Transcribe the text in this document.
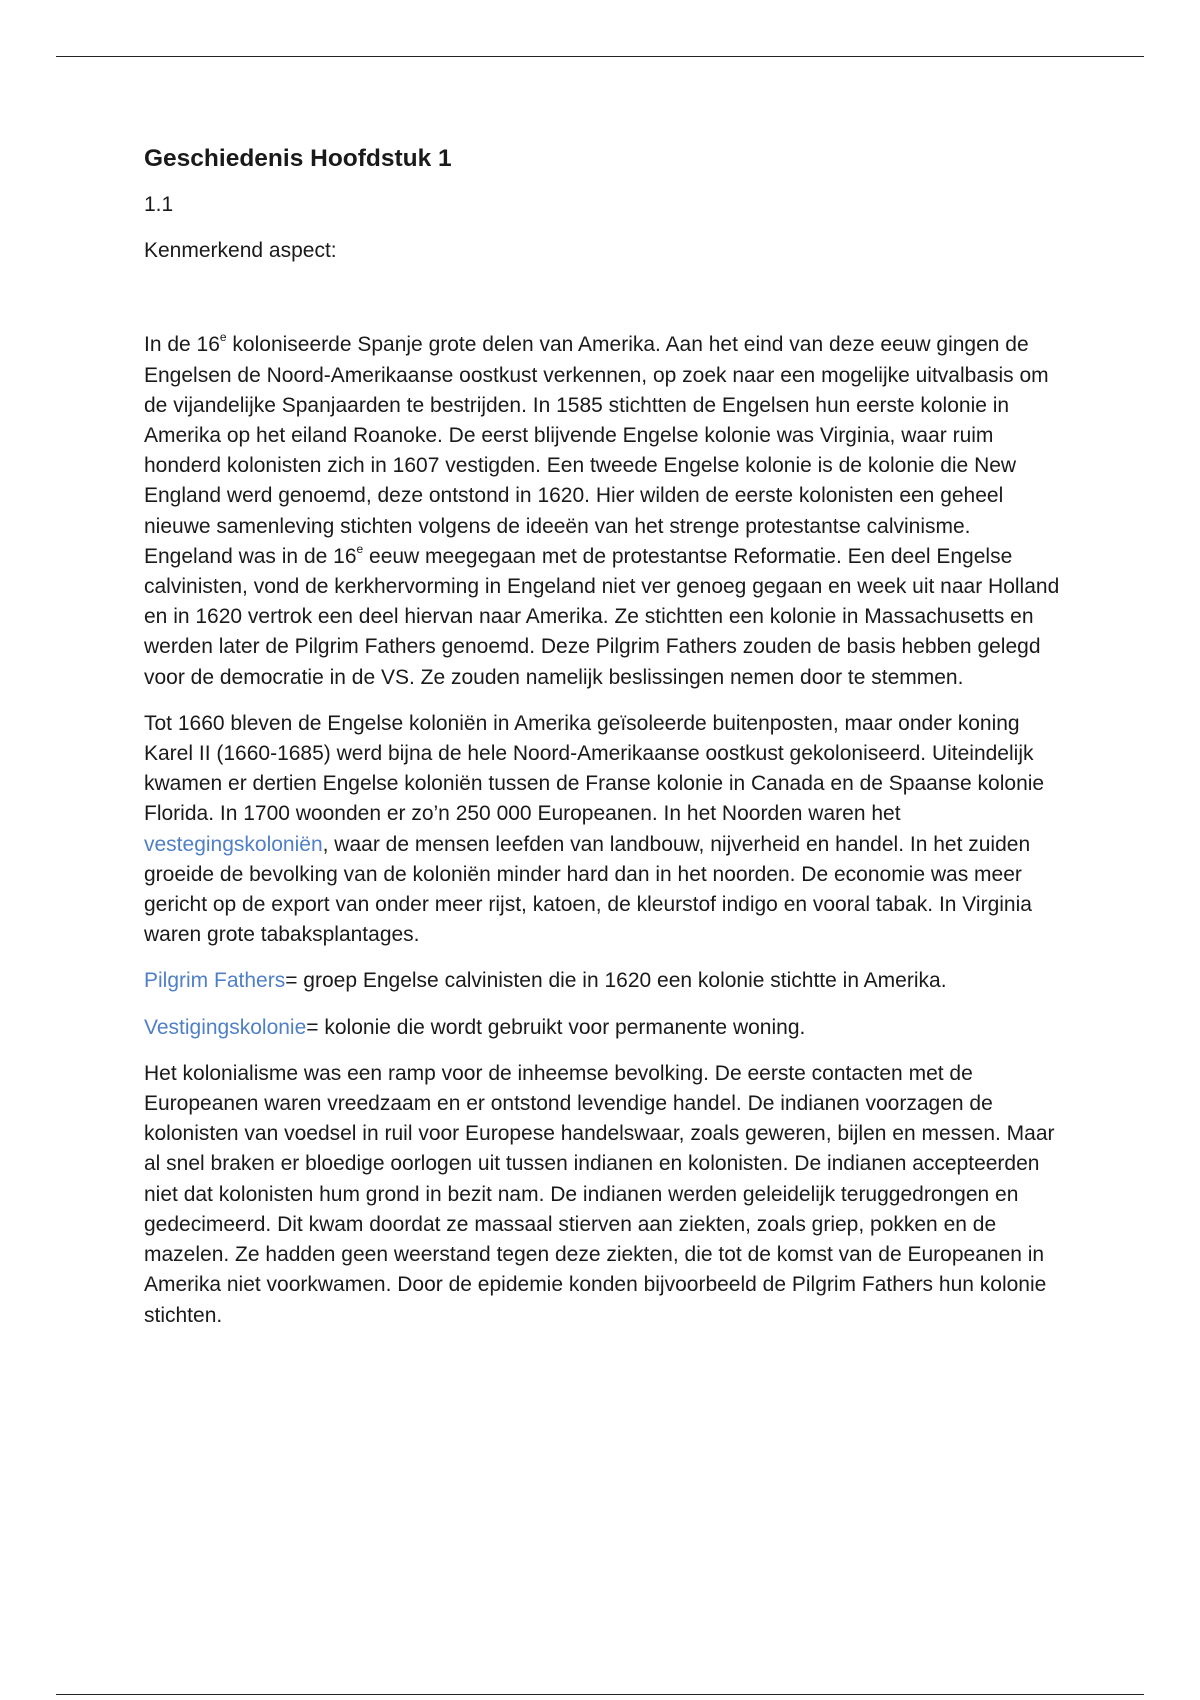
Geschiedenis Hoofdstuk 1

1.1

Kenmerkend aspect:

In de 16e koloniseerde Spanje grote delen van Amerika. Aan het eind van deze eeuw gingen de Engelsen de Noord-Amerikaanse oostkust verkennen, op zoek naar een mogelijke uitvalbasis om de vijandelijke Spanjaarden te bestrijden. In 1585 stichtten de Engelsen hun eerste kolonie in Amerika op het eiland Roanoke. De eerst blijvende Engelse kolonie was Virginia, waar ruim honderd kolonisten zich in 1607 vestigden. Een tweede Engelse kolonie is de kolonie die New England werd genoemd, deze ontstond in 1620. Hier wilden de eerste kolonisten een geheel nieuwe samenleving stichten volgens de ideeën van het strenge protestantse calvinisme. Engeland was in de 16e eeuw meegegaan met de protestantse Reformatie. Een deel Engelse calvinisten, vond de kerkhervorming in Engeland niet ver genoeg gegaan en week uit naar Holland en in 1620 vertrok een deel hiervan naar Amerika. Ze stichtten een kolonie in Massachusetts en werden later de Pilgrim Fathers genoemd. Deze Pilgrim Fathers zouden de basis hebben gelegd voor de democratie in de VS. Ze zouden namelijk beslissingen nemen door te stemmen.

Tot 1660 bleven de Engelse koloniën in Amerika geïsoleerde buitenposten, maar onder koning Karel II (1660-1685) werd bijna de hele Noord-Amerikaanse oostkust gekoloniseerd. Uiteindelijk kwamen er dertien Engelse koloniën tussen de Franse kolonie in Canada en de Spaanse kolonie Florida. In 1700 woonden er zo’n 250 000 Europeanen. In het Noorden waren het vestegingskoloniën, waar de mensen leefden van landbouw, nijverheid en handel. In het zuiden groeide de bevolking van de koloniën minder hard dan in het noorden. De economie was meer gericht op de export van onder meer rijst, katoen, de kleurstof indigo en vooral tabak. In Virginia waren grote tabaksplantages.

Pilgrim Fathers= groep Engelse calvinisten die in 1620 een kolonie stichtte in Amerika.

Vestigingskolonie= kolonie die wordt gebruikt voor permanente woning.

Het kolonialisme was een ramp voor de inheemse bevolking. De eerste contacten met de Europeanen waren vreedzaam en er ontstond levendige handel. De indianen voorzagen de kolonisten van voedsel in ruil voor Europese handelswaar, zoals geweren, bijlen en messen. Maar al snel braken er bloedige oorlogen uit tussen indianen en kolonisten. De indianen accepteerden niet dat kolonisten hum grond in bezit nam. De indianen werden geleidelijk teruggedrongen en gedecimeerd. Dit kwam doordat ze massaal stierven aan ziekten, zoals griep, pokken en de mazelen. Ze hadden geen weerstand tegen deze ziekten, die tot de komst van de Europeanen in Amerika niet voorkwamen. Door de epidemie konden bijvoorbeeld de Pilgrim Fathers hun kolonie stichten.
